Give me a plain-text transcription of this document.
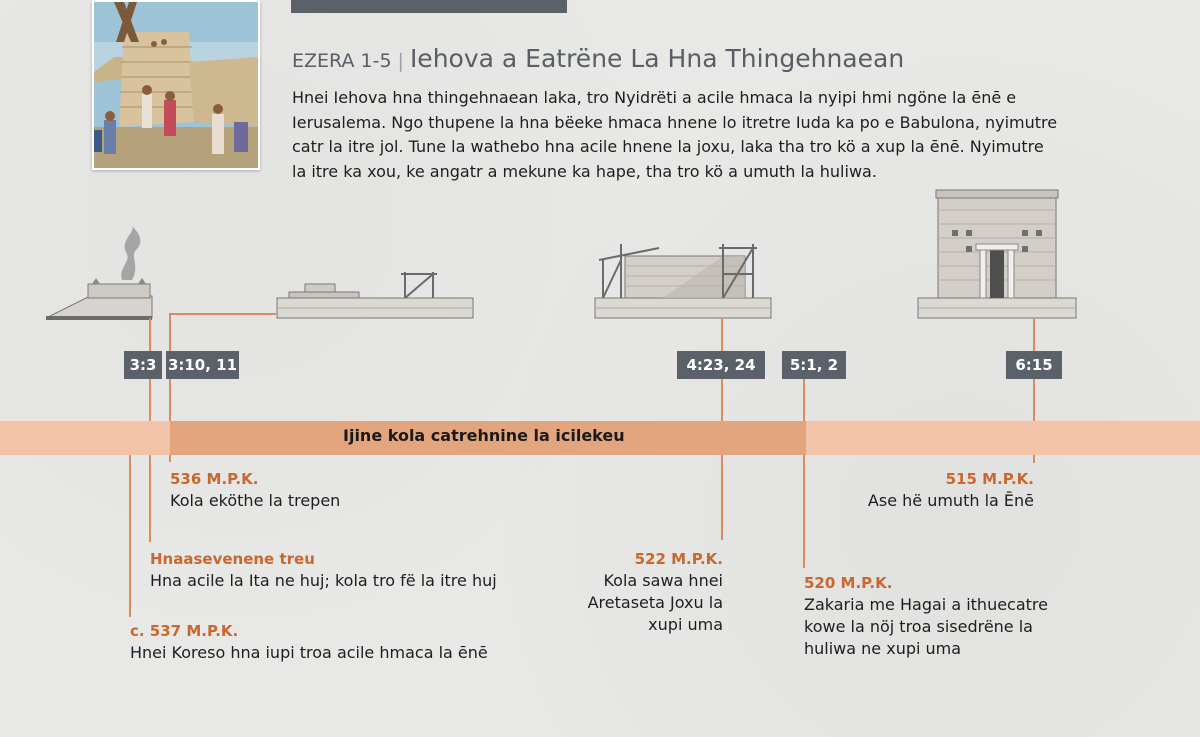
EZERA 1-5 | Iehova a Eatrëne La Hna Thingehnaean
Hnei Iehova hna thingehnaean laka, tro Nyidrëti a acile hmaca la nyipi hmi ngöne la ēnē e Ierusalema. Ngo thupene la hna bëeke hmaca hnene lo itretre Iuda ka po e Babulona, nyimutre catr la itre jol. Tune la wathebo hna acile hnene la joxu, laka tha tro kö a xup la ēnē. Nyimutre la itre ka xou, ke angatr a mekune ka hape, tha tro kö a umuth la huliwa.
Ijine kola catrehnine la icilekeu
3:3 3:10, 11	4:23, 24	5:1, 2	6:15
536 M.P.K.
Kola eköthe la trepen
Hnaasevenene treu
Hna acile la Ita ne huj; kola tro fë la itre huj
c. 537 M.P.K.
Hnei Koreso hna iupi troa acile hmaca la ēnē
522 M.P.K.
Kola sawa hnei
Aretaseta Joxu la
xupi uma
520 M.P.K.
Zakaria me Hagai a ithuecatre
kowe la nöj troa sisedrëne la
huliwa ne xupi uma
515 M.P.K.
Ase hë umuth la Ēnē
